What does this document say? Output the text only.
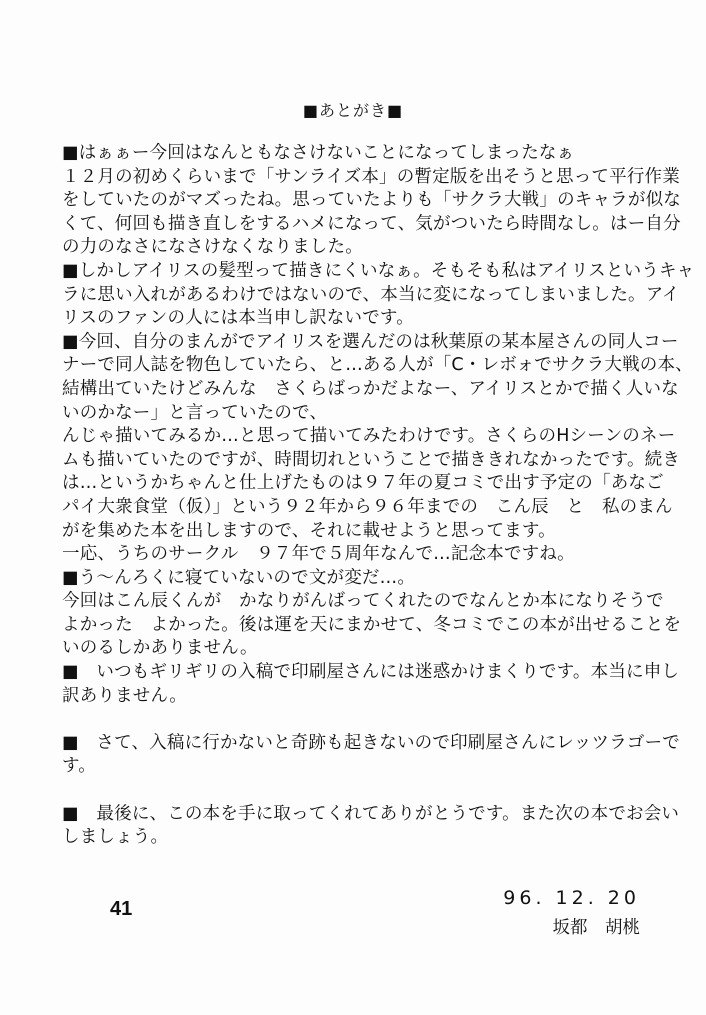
■あとがき■
■はぁぁー今回はなんともなさけないことになってしまったなぁ
１２月の初めくらいまで「サンライズ本」の暫定版を出そうと思って平行作業
をしていたのがマズったね。思っていたよりも「サクラ大戦」のキャラが似な
くて、何回も描き直しをするハメになって、気がついたら時間なし。はー自分
の力のなさになさけなくなりました。
■しかしアイリスの髪型って描きにくいなぁ。そもそも私はアイリスというキャ
ラに思い入れがあるわけではないので、本当に変になってしまいました。アイ
リスのファンの人には本当申し訳ないです。
■今回、自分のまんがでアイリスを選んだのは秋葉原の某本屋さんの同人コー
ナーで同人誌を物色していたら、と…ある人が「C・レボォでサクラ大戦の本、
結構出ていたけどみんな　さくらばっかだよなー、アイリスとかで描く人いな
いのかなー」と言っていたので、
んじゃ描いてみるか…と思って描いてみたわけです。さくらのHシーンのネー
ムも描いていたのですが、時間切れということで描ききれなかったです。続き
は…というかちゃんと仕上げたものは９７年の夏コミで出す予定の「あなご
パイ大衆食堂（仮）」という９２年から９６年までの　こん辰　と　私のまん
がを集めた本を出しますので、それに載せようと思ってます。
一応、うちのサークル　９７年で５周年なんで…記念本ですね。
■う～んろくに寝ていないので文が変だ…。
今回はこん辰くんが　かなりがんばってくれたのでなんとか本になりそうで
よかった　よかった。後は運を天にまかせて、冬コミでこの本が出せることを
いのるしかありません。
■　いつもギリギリの入稿で印刷屋さんには迷惑かけまくりです。本当に申し
訳ありません。
■　さて、入稿に行かないと奇跡も起きないので印刷屋さんにレッツラゴーで
す。
■　最後に、この本を手に取ってくれてありがとうです。また次の本でお会い
しましょう。
41	96. 12. 20
坂都　胡桃
